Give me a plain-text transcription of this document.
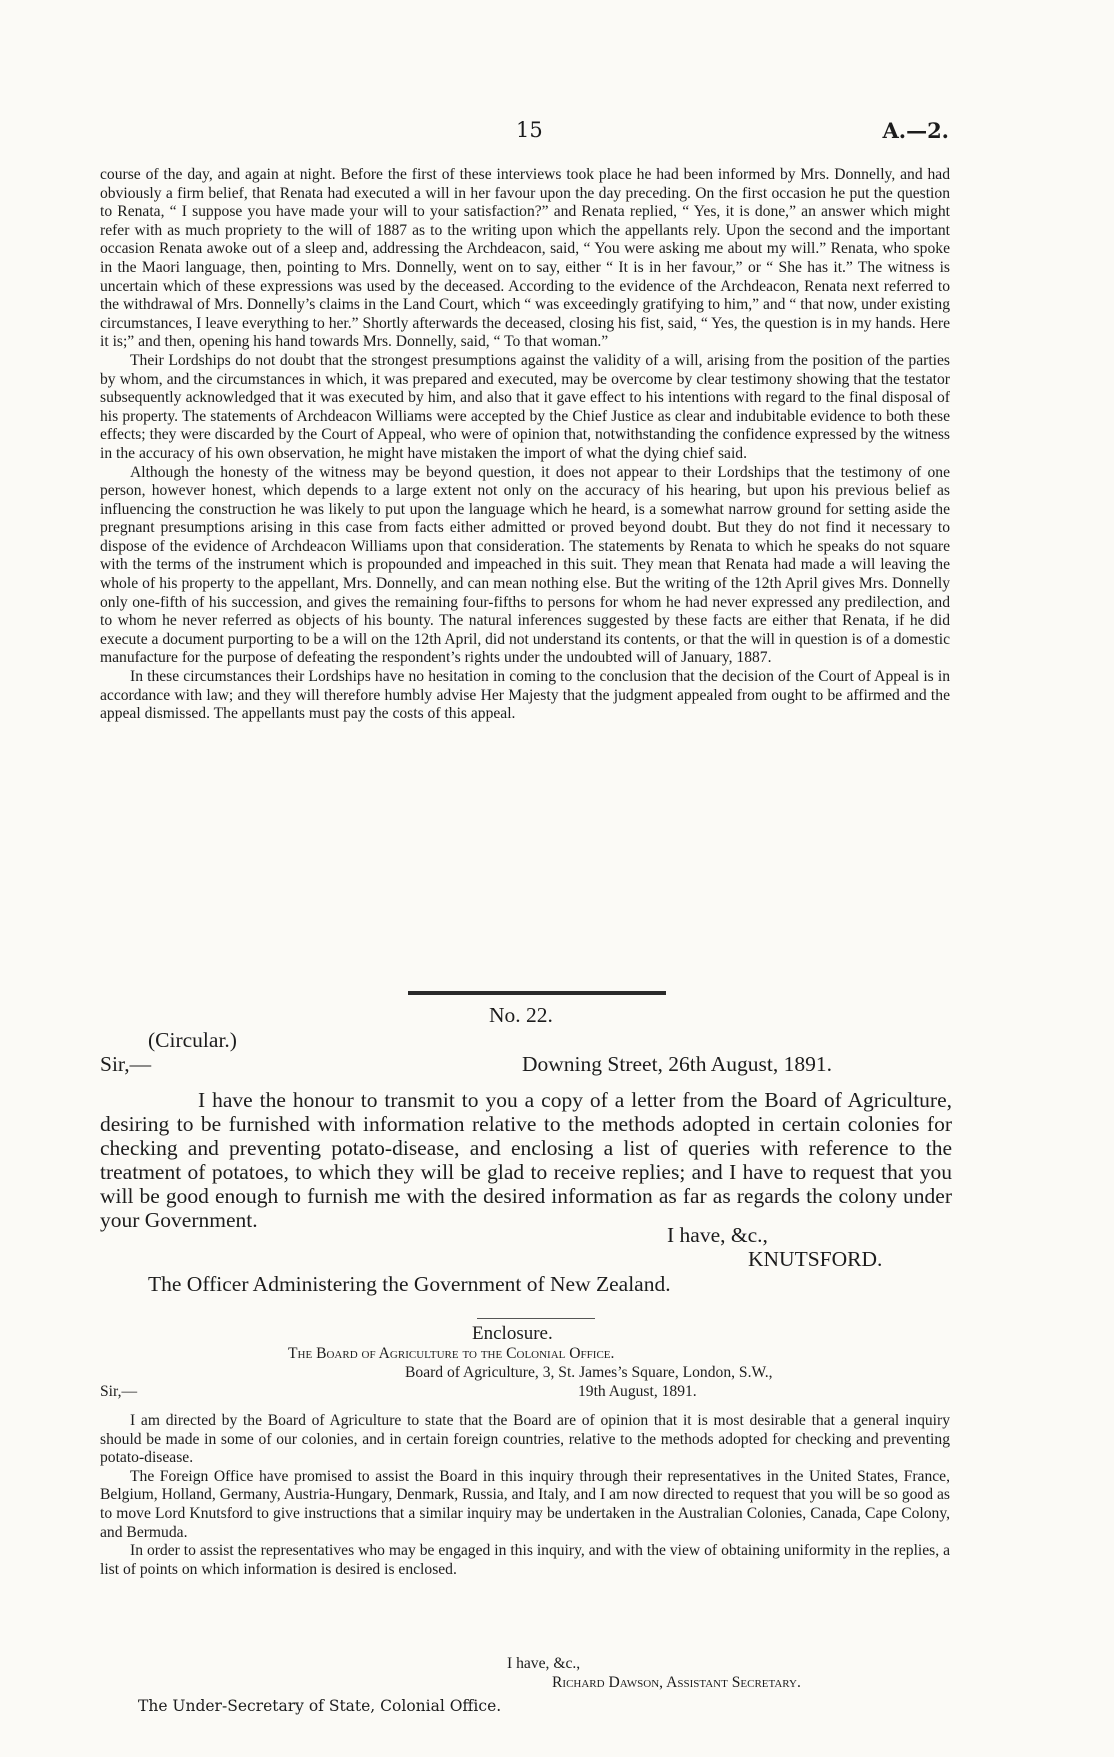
15	A.—2.

course of the day, and again at night. Before the first of these interviews took place he had been informed by Mrs. Donnelly, and had obviously a firm belief, that Renata had executed a will in her favour upon the day preceding. On the first occasion he put the question to Renata, “ I suppose you have made your will to your satisfaction?” and Renata replied, “ Yes, it is done,” an answer which might refer with as much propriety to the will of 1887 as to the writing upon which the appellants rely. Upon the second and the important occasion Renata awoke out of a sleep and, addressing the Archdeacon, said, “ You were asking me about my will.” Renata, who spoke in the Maori language, then, pointing to Mrs. Donnelly, went on to say, either “ It is in her favour,” or “ She has it.” The witness is uncertain which of these expressions was used by the deceased. According to the evidence of the Archdeacon, Renata next referred to the withdrawal of Mrs. Donnelly’s claims in the Land Court, which “ was exceedingly gratifying to him,” and “ that now, under existing circumstances, I leave everything to her.” Shortly afterwards the deceased, closing his fist, said, “ Yes, the question is in my hands. Here it is;” and then, opening his hand towards Mrs. Donnelly, said, “ To that woman.”

Their Lordships do not doubt that the strongest presumptions against the validity of a will, arising from the position of the parties by whom, and the circumstances in which, it was prepared and executed, may be overcome by clear testimony showing that the testator subsequently acknowledged that it was executed by him, and also that it gave effect to his intentions with regard to the final disposal of his property. The statements of Archdeacon Williams were accepted by the Chief Justice as clear and indubitable evidence to both these effects; they were discarded by the Court of Appeal, who were of opinion that, notwithstanding the confidence expressed by the witness in the accuracy of his own observation, he might have mistaken the import of what the dying chief said.

Although the honesty of the witness may be beyond question, it does not appear to their Lordships that the testimony of one person, however honest, which depends to a large extent not only on the accuracy of his hearing, but upon his previous belief as influencing the construction he was likely to put upon the language which he heard, is a somewhat narrow ground for setting aside the pregnant presumptions arising in this case from facts either admitted or proved beyond doubt. But they do not find it necessary to dispose of the evidence of Archdeacon Williams upon that consideration. The statements by Renata to which he speaks do not square with the terms of the instrument which is propounded and impeached in this suit. They mean that Renata had made a will leaving the whole of his property to the appellant, Mrs. Donnelly, and can mean nothing else. But the writing of the 12th April gives Mrs. Donnelly only one-fifth of his succession, and gives the remaining four-fifths to persons for whom he had never expressed any predilection, and to whom he never referred as objects of his bounty. The natural inferences suggested by these facts are either that Renata, if he did execute a document purporting to be a will on the 12th April, did not understand its contents, or that the will in question is of a domestic manufacture for the purpose of defeating the respondent’s rights under the undoubted will of January, 1887.

In these circumstances their Lordships have no hesitation in coming to the conclusion that the decision of the Court of Appeal is in accordance with law; and they will therefore humbly advise Her Majesty that the judgment appealed from ought to be affirmed and the appeal dismissed. The appellants must pay the costs of this appeal.

No. 22.
(Circular.)
Sir,—	Downing Street, 26th August, 1891.

I have the honour to transmit to you a copy of a letter from the Board of Agriculture, desiring to be furnished with information relative to the methods adopted in certain colonies for checking and preventing potato-disease, and enclosing a list of queries with reference to the treatment of potatoes, to which they will be glad to receive replies; and I have to request that you will be good enough to furnish me with the desired information as far as regards the colony under your Government.

I have, &c.,
KNUTSFORD.
The Officer Administering the Government of New Zealand.
Enclosure.
The Board of Agriculture to the Colonial Office.
Board of Agriculture, 3, St. James’s Square, London, S.W.,
Sir,—	19th August, 1891.

I am directed by the Board of Agriculture to state that the Board are of opinion that it is most desirable that a general inquiry should be made in some of our colonies, and in certain foreign countries, relative to the methods adopted for checking and preventing potato-disease.

The Foreign Office have promised to assist the Board in this inquiry through their representatives in the United States, France, Belgium, Holland, Germany, Austria-Hungary, Denmark, Russia, and Italy, and I am now directed to request that you will be so good as to move Lord Knutsford to give instructions that a similar inquiry may be undertaken in the Australian Colonies, Canada, Cape Colony, and Bermuda.

In order to assist the representatives who may be engaged in this inquiry, and with the view of obtaining uniformity in the replies, a list of points on which information is desired is enclosed.

I have, &c.,
Richard Dawson, Assistant Secretary.
The Under-Secretary of State, Colonial Office.
